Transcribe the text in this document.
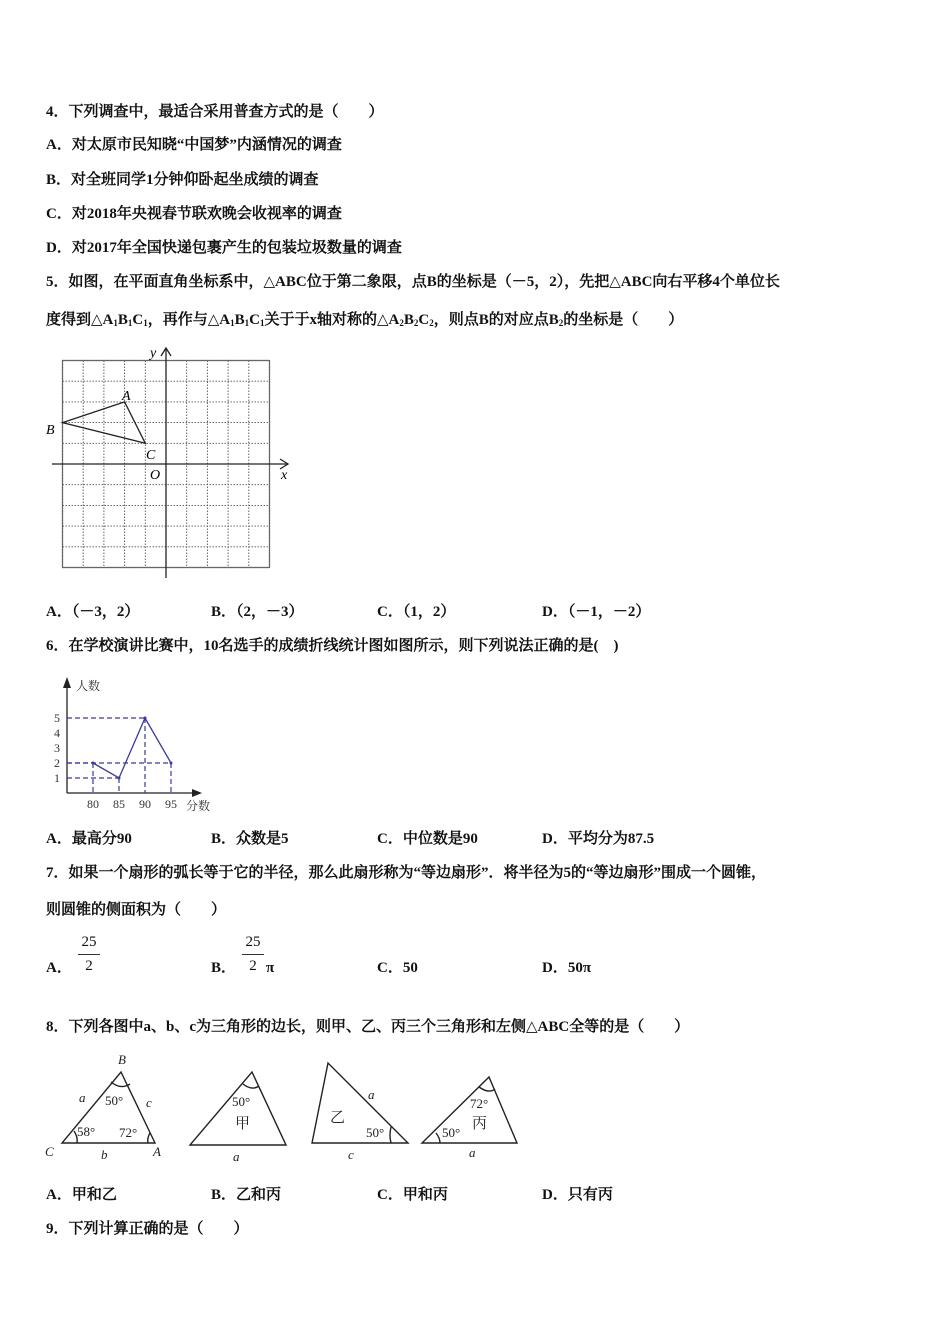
4．下列调查中，最适合采用普查方式的是（　　）
A．对太原市民知晓“中国梦”内涵情况的调查
B．对全班同学1分钟仰卧起坐成绩的调查
C．对2018年央视春节联欢晚会收视率的调查
D．对2017年全国快递包裹产生的包装垃圾数量的调查
5．如图，在平面直角坐标系中，△ABC位于第二象限，点B的坐标是（－5，2），先把△ABC向右平移4个单位长
度得到$\triangle A_1B_1C_1$，再作与$\triangle A_1B_1C_1$关于于x轴对称的$\triangle A_2B_2C_2$，则点B的对应点$B_2$的坐标是（　　）
y
x
O
A
B
C
人数
分数
80 85 90 95
1
2
3
4
5
B
a	c
50°
58° 72°
C	b	A
50°
甲
a
a
乙
50°
c
72°
丙
50°
a
A．（－3，2）	B．（2，－3）	C．（1，2）	D．（－1，－2）
6．在学校演讲比赛中，10名选手的成绩折线统计图如图所示，则下列说法正确的是(　)
A．最高分90	B．众数是5	C．中位数是90	D．平均分为87.5
7．如果一个扇形的弧长等于它的半径，那么此扇形称为“等边扇形”．将半径为5的“等边扇形”围成一个圆锥，
则圆锥的侧面积为（　　）
A． $\frac{25}{2}$	B． $\frac{25}{2}$ π	C．50	D．50π
8．下列各图中a、b、c为三角形的边长，则甲、乙、丙三个三角形和左侧△ABC全等的是（　　）
A．甲和乙	B．乙和丙	C．甲和丙	D．只有丙
9．下列计算正确的是（　　）
